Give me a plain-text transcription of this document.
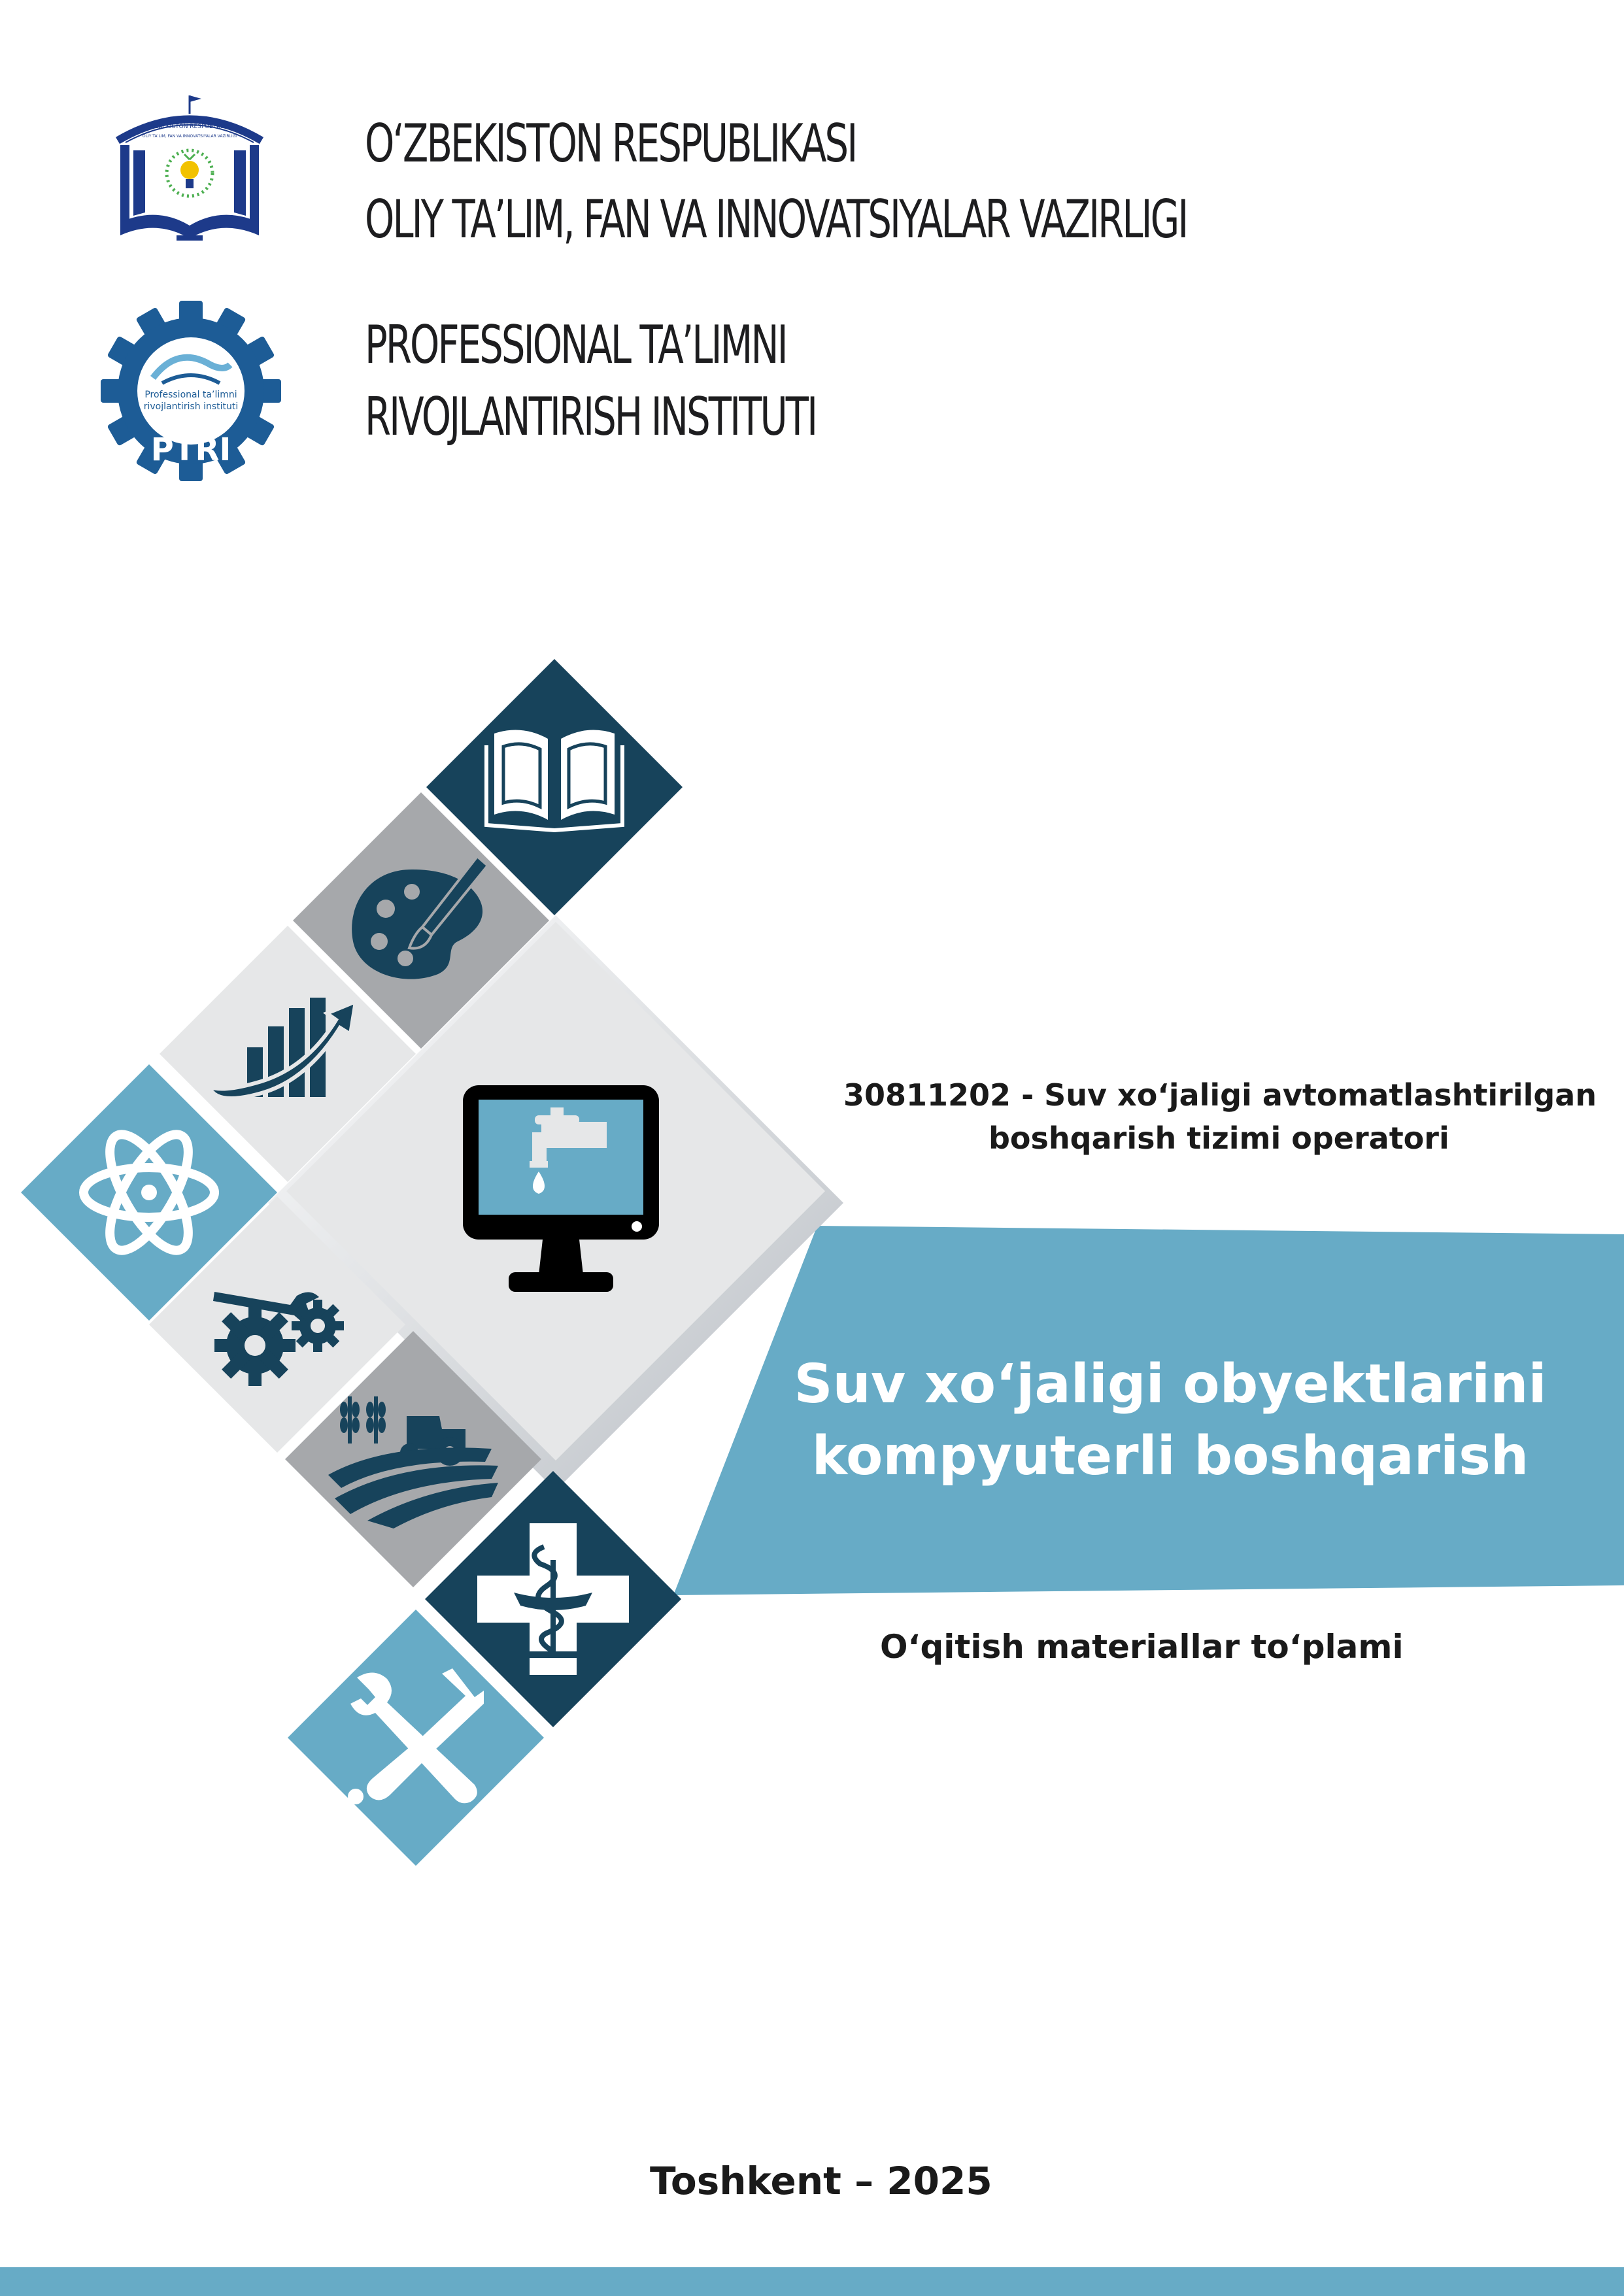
O‘ZBEKISTON RESPUBLIKASI
OLIY TA’LIM, FAN VA INNOVATSIYALAR VAZIRLIGI
Professional ta’limni
rivojlantirish instituti
PTRI
O‘ZBEKISTON RESPUBLIKASI
OLIY TA’LIM, FAN VA INNOVATSIYALAR VAZIRLIGI
PROFESSIONAL TA’LIMNI
RIVOJLANTIRISH INSTITUTI
30811202 - Suv xo‘jaligi avtomatlashtirilgan
boshqarish tizimi operatori
Suv xo‘jaligi obyektlarini
kompyuterli boshqarish
O‘qitish materiallar to‘plami
Toshkent – 2025
